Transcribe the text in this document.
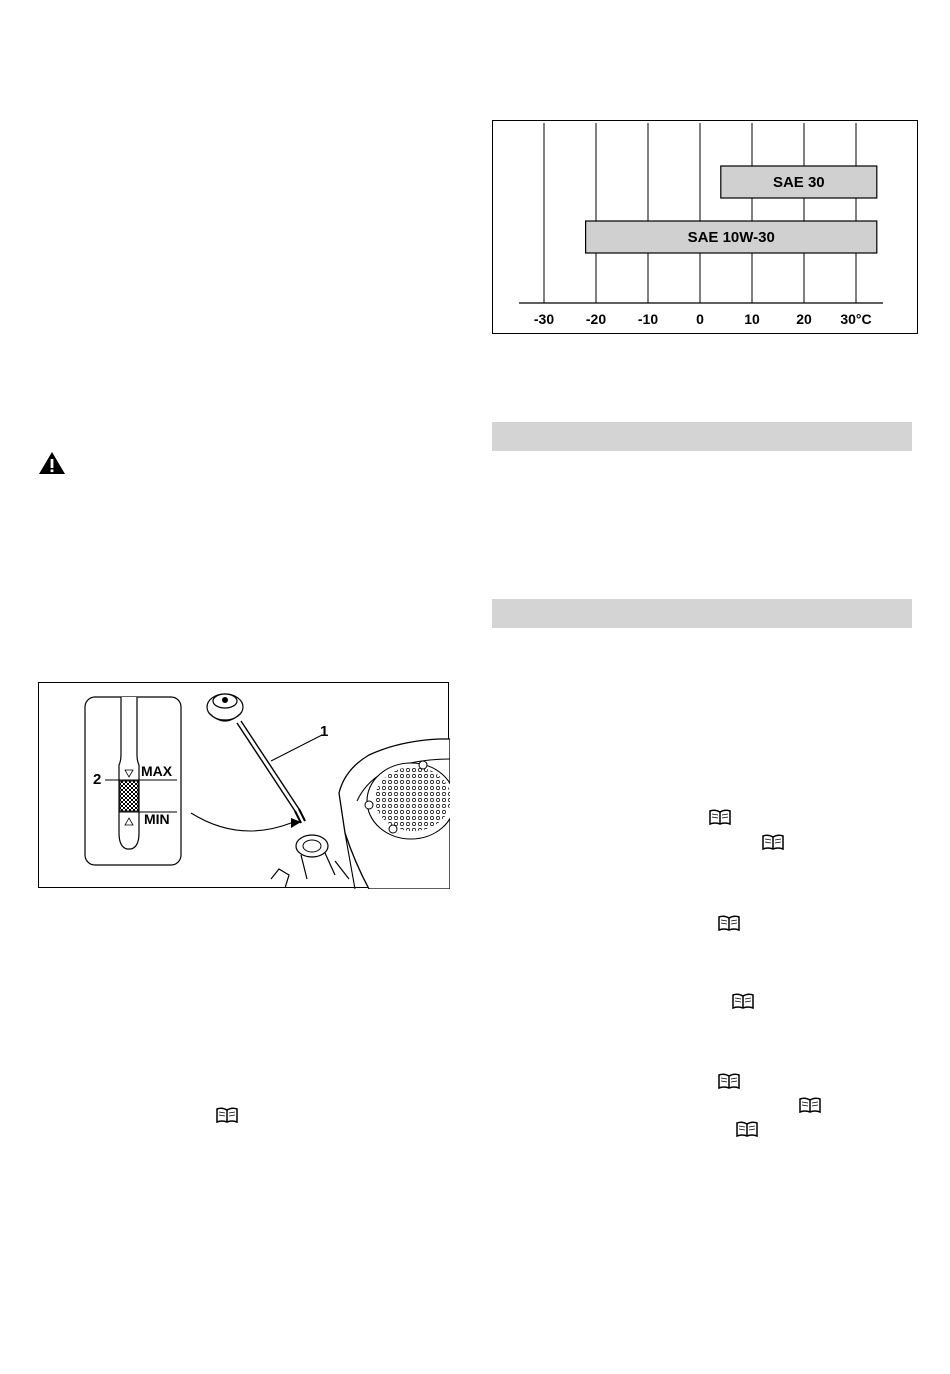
-30 -20 -10	0	10	20 30°C
SAE 30
SAE 10W-30
1
2	MAX
MIN
